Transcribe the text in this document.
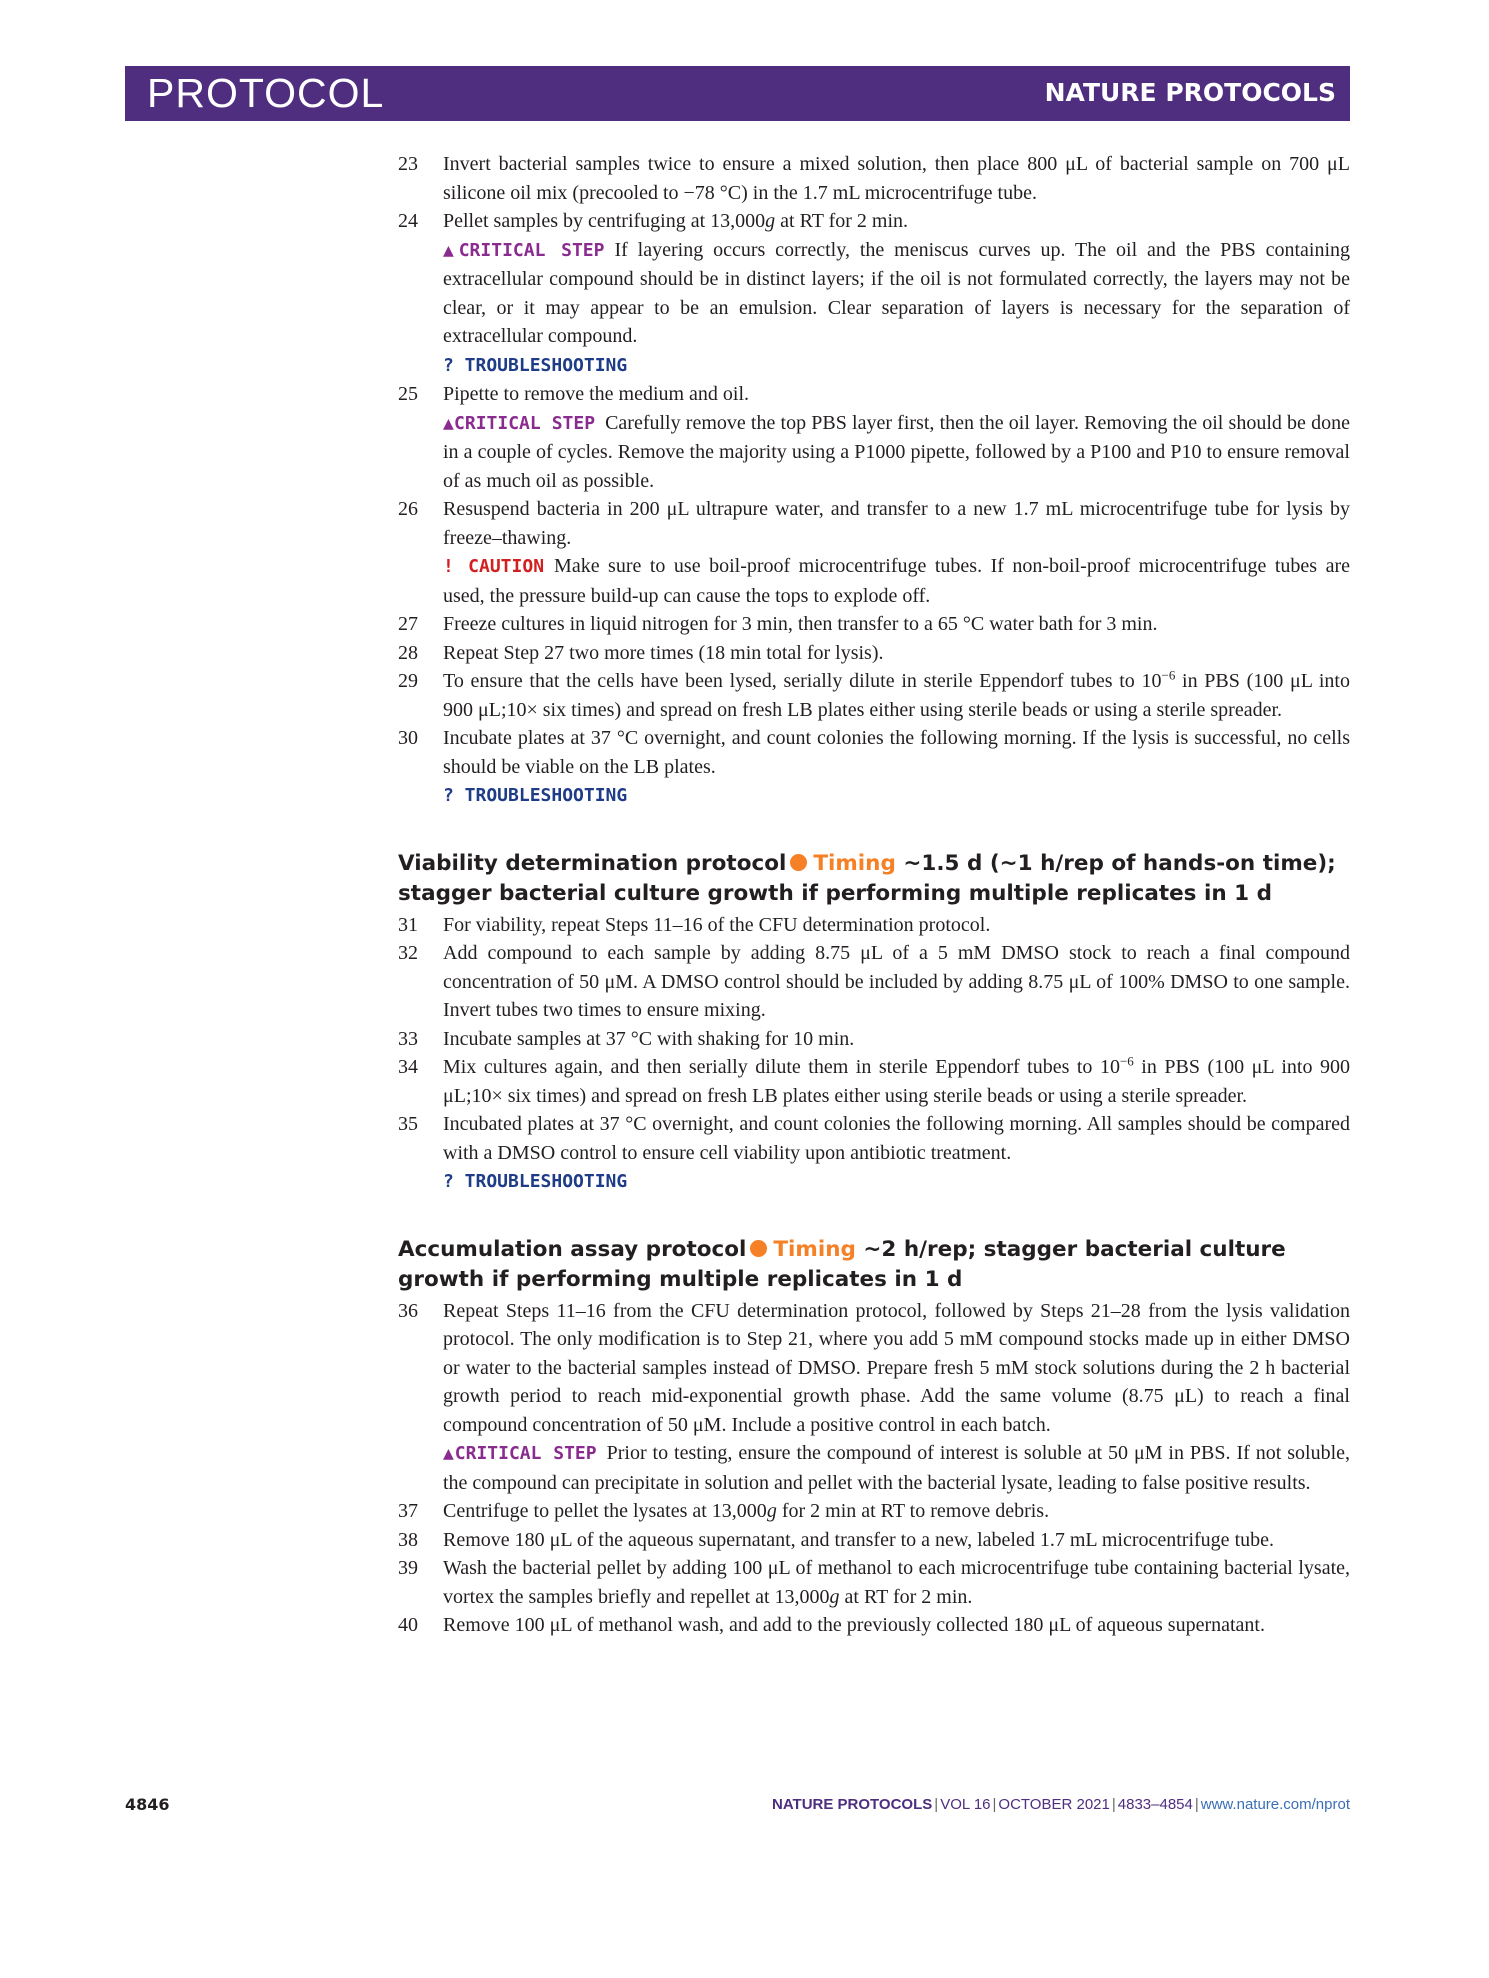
PROTOCOL	NATURE PROTOCOLS
23	Invert bacterial samples twice to ensure a mixed solution, then place 800 μL of bacterial sample on 700 μL silicone oil mix (precooled to −78 °C) in the 1.7 mL microcentrifuge tube.

24	Pellet samples by centrifuging at 13,000g at RT for 2 min.

▲CRITICAL STEP If layering occurs correctly, the meniscus curves up. The oil and the PBS containing extracellular compound should be in distinct layers; if the oil is not formulated correctly, the layers may not be clear, or it may appear to be an emulsion. Clear separation of layers is necessary for the separation of extracellular compound.

? TROUBLESHOOTING

25	Pipette to remove the medium and oil.

▲CRITICAL STEP Carefully remove the top PBS layer first, then the oil layer. Removing the oil should be done in a couple of cycles. Remove the majority using a P1000 pipette, followed by a P100 and P10 to ensure removal of as much oil as possible.

26	Resuspend bacteria in 200 μL ultrapure water, and transfer to a new 1.7 mL microcentrifuge tube for lysis by freeze–thawing.

! CAUTION Make sure to use boil-proof microcentrifuge tubes. If non-boil-proof microcentrifuge tubes are used, the pressure build-up can cause the tops to explode off.

27	Freeze cultures in liquid nitrogen for 3 min, then transfer to a 65 °C water bath for 3 min.

28	Repeat Step 27 two more times (18 min total for lysis).

29	To ensure that the cells have been lysed, serially dilute in sterile Eppendorf tubes to $10^{-6}$ in PBS (100 μL into 900 μL;10× six times) and spread on fresh LB plates either using sterile beads or using a sterile spreader.

30	Incubate plates at 37 °C overnight, and count colonies the following morning. If the lysis is successful, no cells should be viable on the LB plates.

? TROUBLESHOOTING

Viability determination protocol Timing ~1.5 d (~1 h/rep of hands-on time); stagger bacterial culture growth if performing multiple replicates in 1 d
31	For viability, repeat Steps 11–16 of the CFU determination protocol.

32	Add compound to each sample by adding 8.75 μL of a 5 mM DMSO stock to reach a final compound concentration of 50 μM. A DMSO control should be included by adding 8.75 μL of 100% DMSO to one sample. Invert tubes two times to ensure mixing.

33	Incubate samples at 37 °C with shaking for 10 min.

34	Mix cultures again, and then serially dilute them in sterile Eppendorf tubes to $10^{-6}$ in PBS (100 μL into 900 μL;10× six times) and spread on fresh LB plates either using sterile beads or using a sterile spreader.

35	Incubated plates at 37 °C overnight, and count colonies the following morning. All samples should be compared with a DMSO control to ensure cell viability upon antibiotic treatment.

? TROUBLESHOOTING

Accumulation assay protocol Timing ~2 h/rep; stagger bacterial culture growth if performing multiple replicates in 1 d
36	Repeat Steps 11–16 from the CFU determination protocol, followed by Steps 21–28 from the lysis validation protocol. The only modification is to Step 21, where you add 5 mM compound stocks made up in either DMSO or water to the bacterial samples instead of DMSO. Prepare fresh 5 mM stock solutions during the 2 h bacterial growth period to reach mid-exponential growth phase. Add the same volume (8.75 μL) to reach a final compound concentration of 50 μM. Include a positive control in each batch.

▲CRITICAL STEP Prior to testing, ensure the compound of interest is soluble at 50 μM in PBS. If not soluble, the compound can precipitate in solution and pellet with the bacterial lysate, leading to false positive results.

37	Centrifuge to pellet the lysates at 13,000g for 2 min at RT to remove debris.

38	Remove 180 μL of the aqueous supernatant, and transfer to a new, labeled 1.7 mL microcentrifuge tube.

39	Wash the bacterial pellet by adding 100 μL of methanol to each microcentrifuge tube containing bacterial lysate, vortex the samples briefly and repellet at 13,000g at RT for 2 min.

40	Remove 100 μL of methanol wash, and add to the previously collected 180 μL of aqueous supernatant.

4846	NATURE PROTOCOLS | VOL 16 | OCTOBER 2021 | 4833–4854 | www.nature.com/nprot
